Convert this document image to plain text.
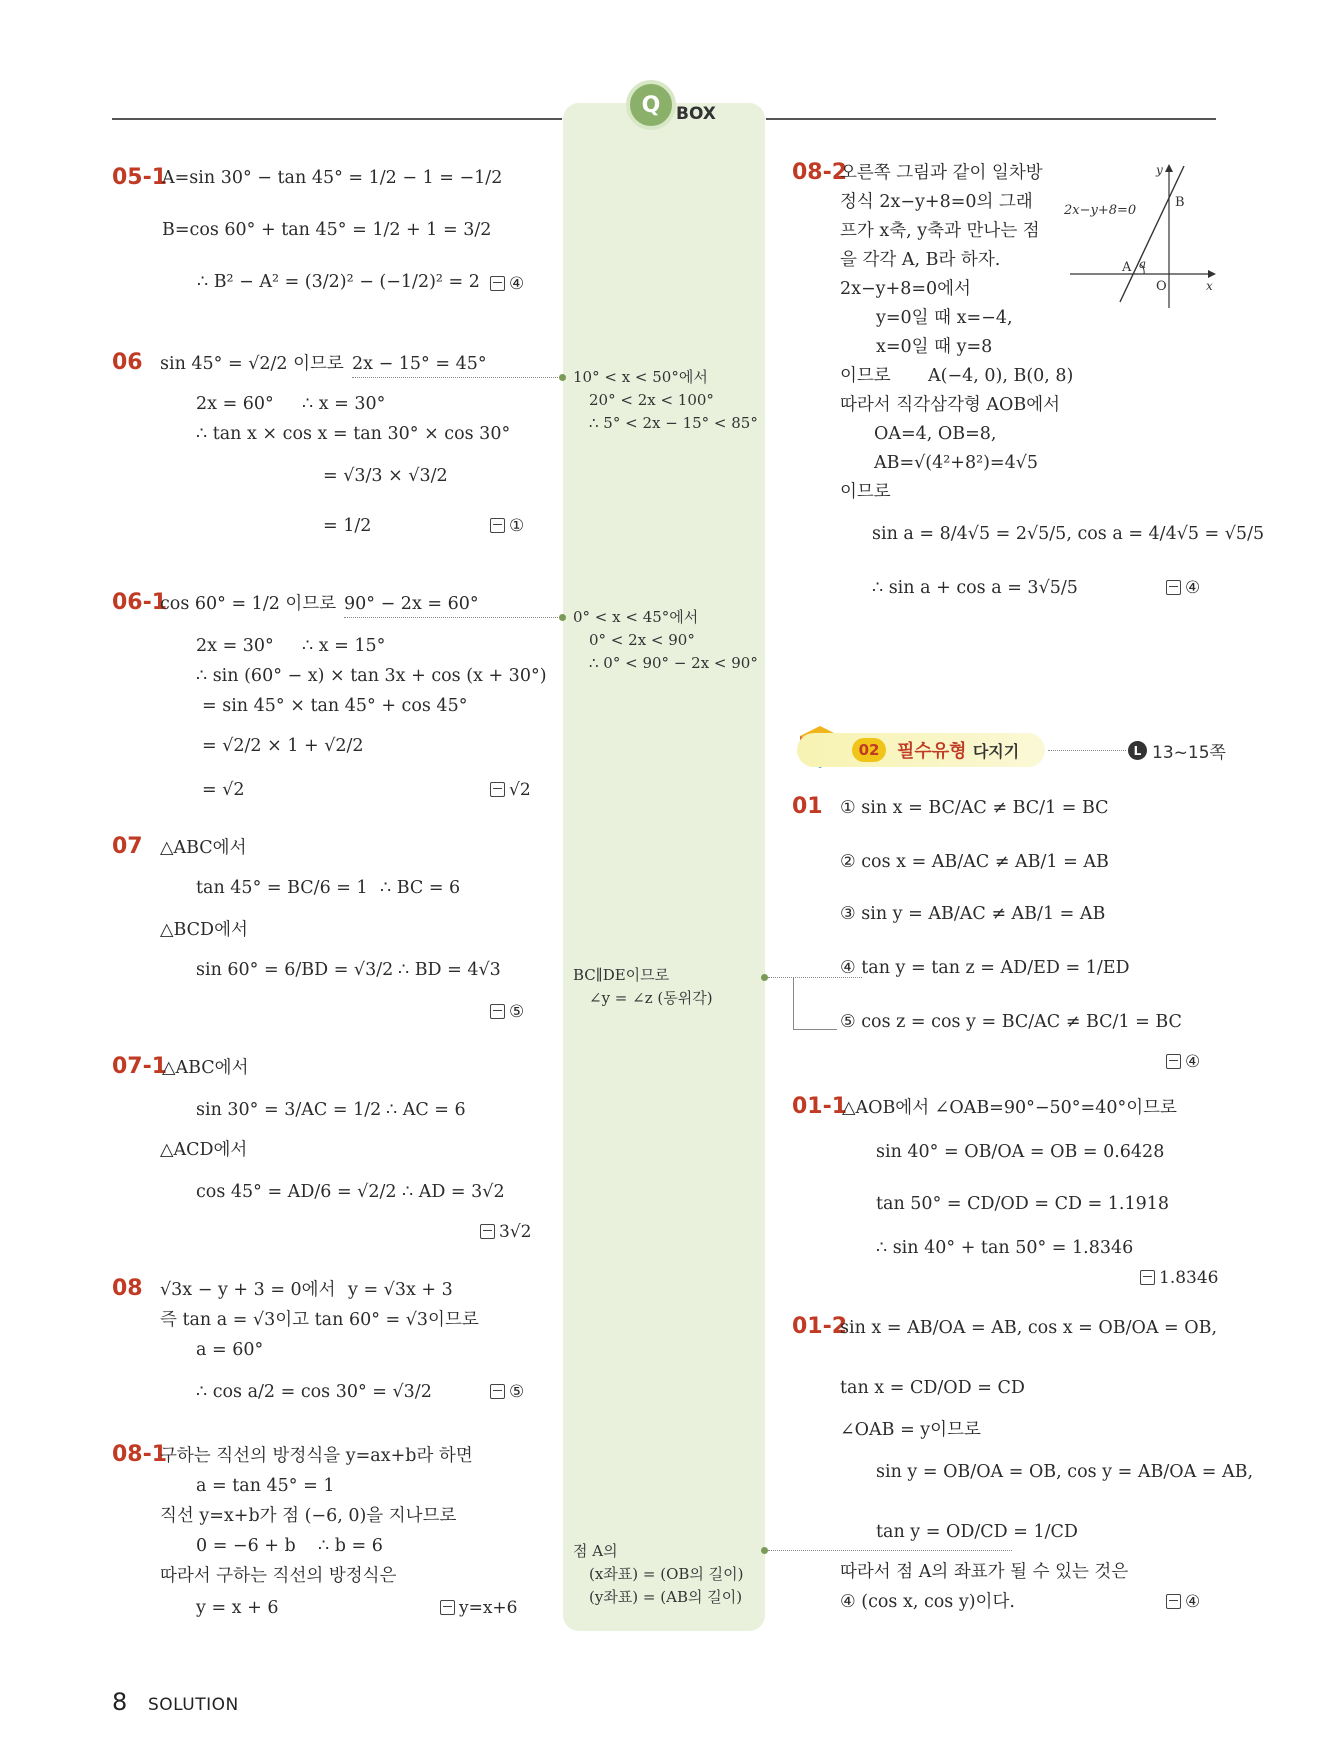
Q BOX
05-1
A=sin 30° − tan 45° = 1/2 − 1 = −1/2
B=cos 60° + tan 45° = 1/2 + 1 = 3/2
∴ B² − A² = (3/2)² − (−1/2)² = 2	④
06 sin 45° = √2/2 이므로 2x − 15° = 45°
2x = 60° ∴ x = 30°
∴ tan x × cos x = tan 30° × cos 30°
= √3/3 × √3/2
= 1/2	①
06-1
cos 60° = 1/2 이므로 90° − 2x = 60°
2x = 30° ∴ x = 15°
∴ sin (60° − x) × tan 3x + cos (x + 30°)
= sin 45° × tan 45° + cos 45°
= √2/2 × 1 + √2/2
= √2	√2
07 △ABC에서
tan 45° = BC/6 = 1 ∴ BC = 6
△BCD에서
sin 60° = 6/BD = √3/2 ∴ BD = 4√3
⑤
07-1
△ABC에서
sin 30° = 3/AC = 1/2 ∴ AC = 6
△ACD에서
cos 45° = AD/6 = √2/2 ∴ AD = 3√2
3√2
08 √3x − y + 3 = 0에서 y = √3x + 3
즉 tan a = √3이고 tan 60° = √3이므로
a = 60°
∴ cos a/2 = cos 30° = √3/2	⑤
08-1
구하는 직선의 방정식을 y=ax+b라 하면
a = tan 45° = 1
직선 y=x+b가 점 (−6, 0)을 지나므로
0 = −6 + b ∴ b = 6
따라서 구하는 직선의 방정식은
y = x + 6	y=x+6
10° < x < 50°에서
20° < 2x < 100°
∴ 5° < 2x − 15° < 85°
0° < x < 45°에서
0° < 2x < 90°
∴ 0° < 90° − 2x < 90°
BC∥DE이므로
∠y = ∠z (동위각)
점 A의
(x좌표) = (OB의 길이)
(y좌표) = (AB의 길이)
08-2
오른쪽 그림과 같이 일차방
정식 2x−y+8=0의 그래
프가 x축, y축과 만나는 점
을 각각 A, B라 하자.
2x−y+8=0에서
y=0일 때 x=−4,
x=0일 때 y=8
이므로 A(−4, 0), B(0, 8)
따라서 직각삼각형 AOB에서
OA=4, OB=8,
AB=√(4²+8²)=4√5
이므로
sin a = 8/4√5 = 2√5/5, cos a = 4/4√5 = √5/5
∴ sin a + cos a = 3√5/5	④
2x−y+8=0
y
x
B
A
O
a
02 필수유형 다지기	L 13~15쪽
01 ① sin x = BC/AC ≠ BC/1 = BC
② cos x = AB/AC ≠ AB/1 = AB
③ sin y = AB/AC ≠ AB/1 = AB
④ tan y = tan z = AD/ED = 1/ED
⑤ cos z = cos y = BC/AC ≠ BC/1 = BC
④
01-1
△AOB에서 ∠OAB=90°−50°=40°이므로
sin 40° = OB/OA = OB = 0.6428
tan 50° = CD/OD = CD = 1.1918
∴ sin 40° + tan 50° = 1.8346
1.8346
01-2
sin x = AB/OA = AB, cos x = OB/OA = OB,
tan x = CD/OD = CD
∠OAB = y이므로
sin y = OB/OA = OB, cos y = AB/OA = AB,
tan y = OD/CD = 1/CD
따라서 점 A의 좌표가 될 수 있는 것은
④ (cos x, cos y)이다.	④
8 SOLUTION
